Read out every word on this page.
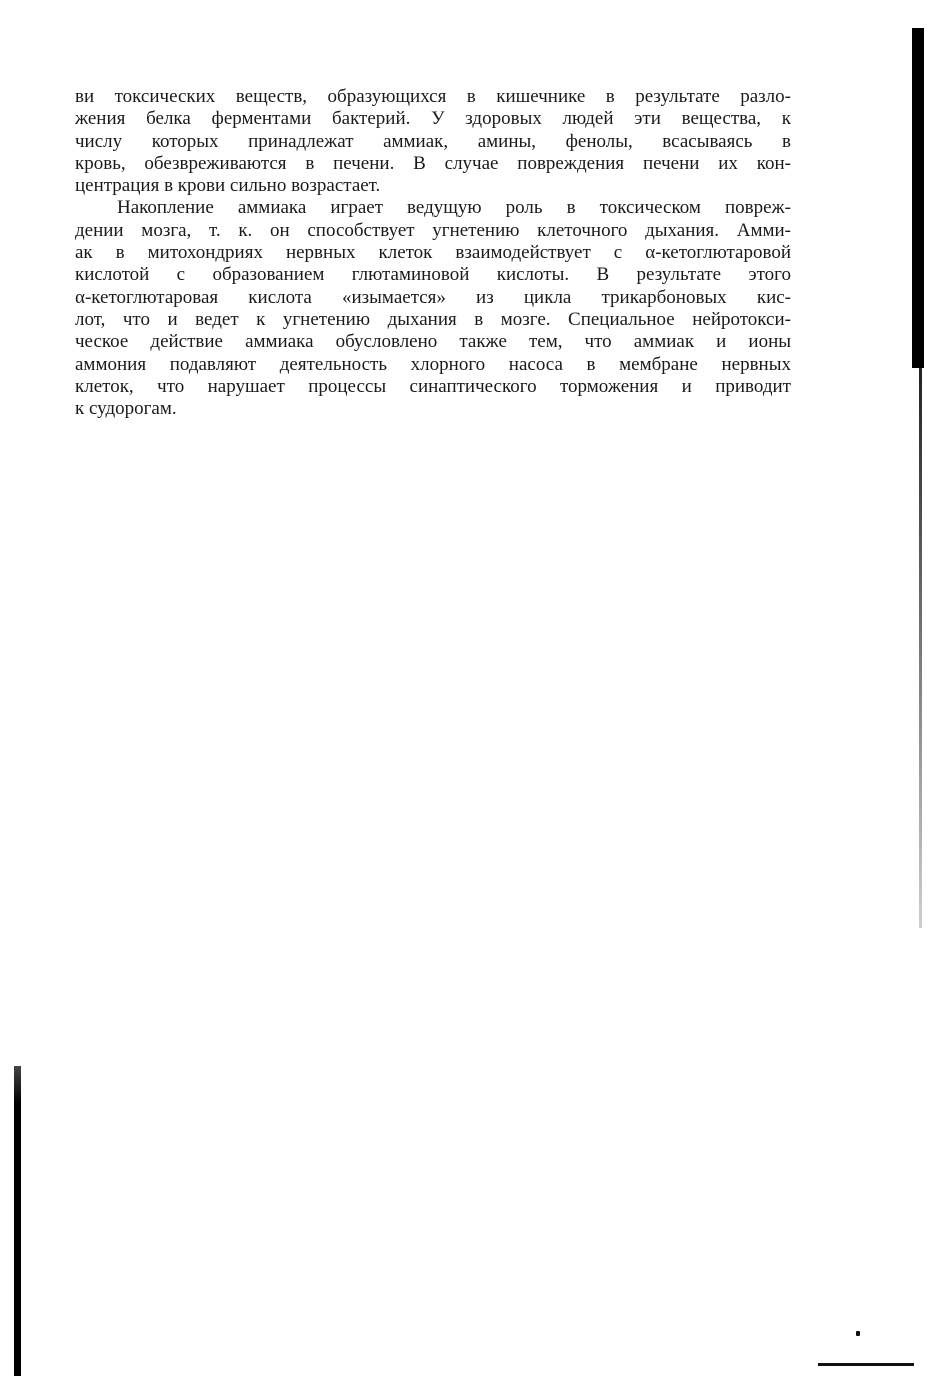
ви токсических веществ, образующихся в кишечнике в результате разло-
жения белка ферментами бактерий. У здоровых людей эти вещества, к
числу которых принадлежат аммиак, амины, фенолы, всасываясь в
кровь, обезвреживаются в печени. В случае повреждения печени их кон-
центрация в крови сильно возрастает.
Накопление аммиака играет ведущую роль в токсическом повреж-
дении мозга, т. к. он способствует угнетению клеточного дыхания. Амми-
ак в митохондриях нервных клеток взаимодействует с α-кетоглютаровой
кислотой с образованием глютаминовой кислоты. В результате этого
α-кетоглютаровая кислота «изымается» из цикла трикарбоновых кис-
лот, что и ведет к угнетению дыхания в мозге. Специальное нейротокси-
ческое действие аммиака обусловлено также тем, что аммиак и ионы
аммония подавляют деятельность хлорного насоса в мембране нервных
клеток, что нарушает процессы синаптического торможения и приводит
к судорогам.
